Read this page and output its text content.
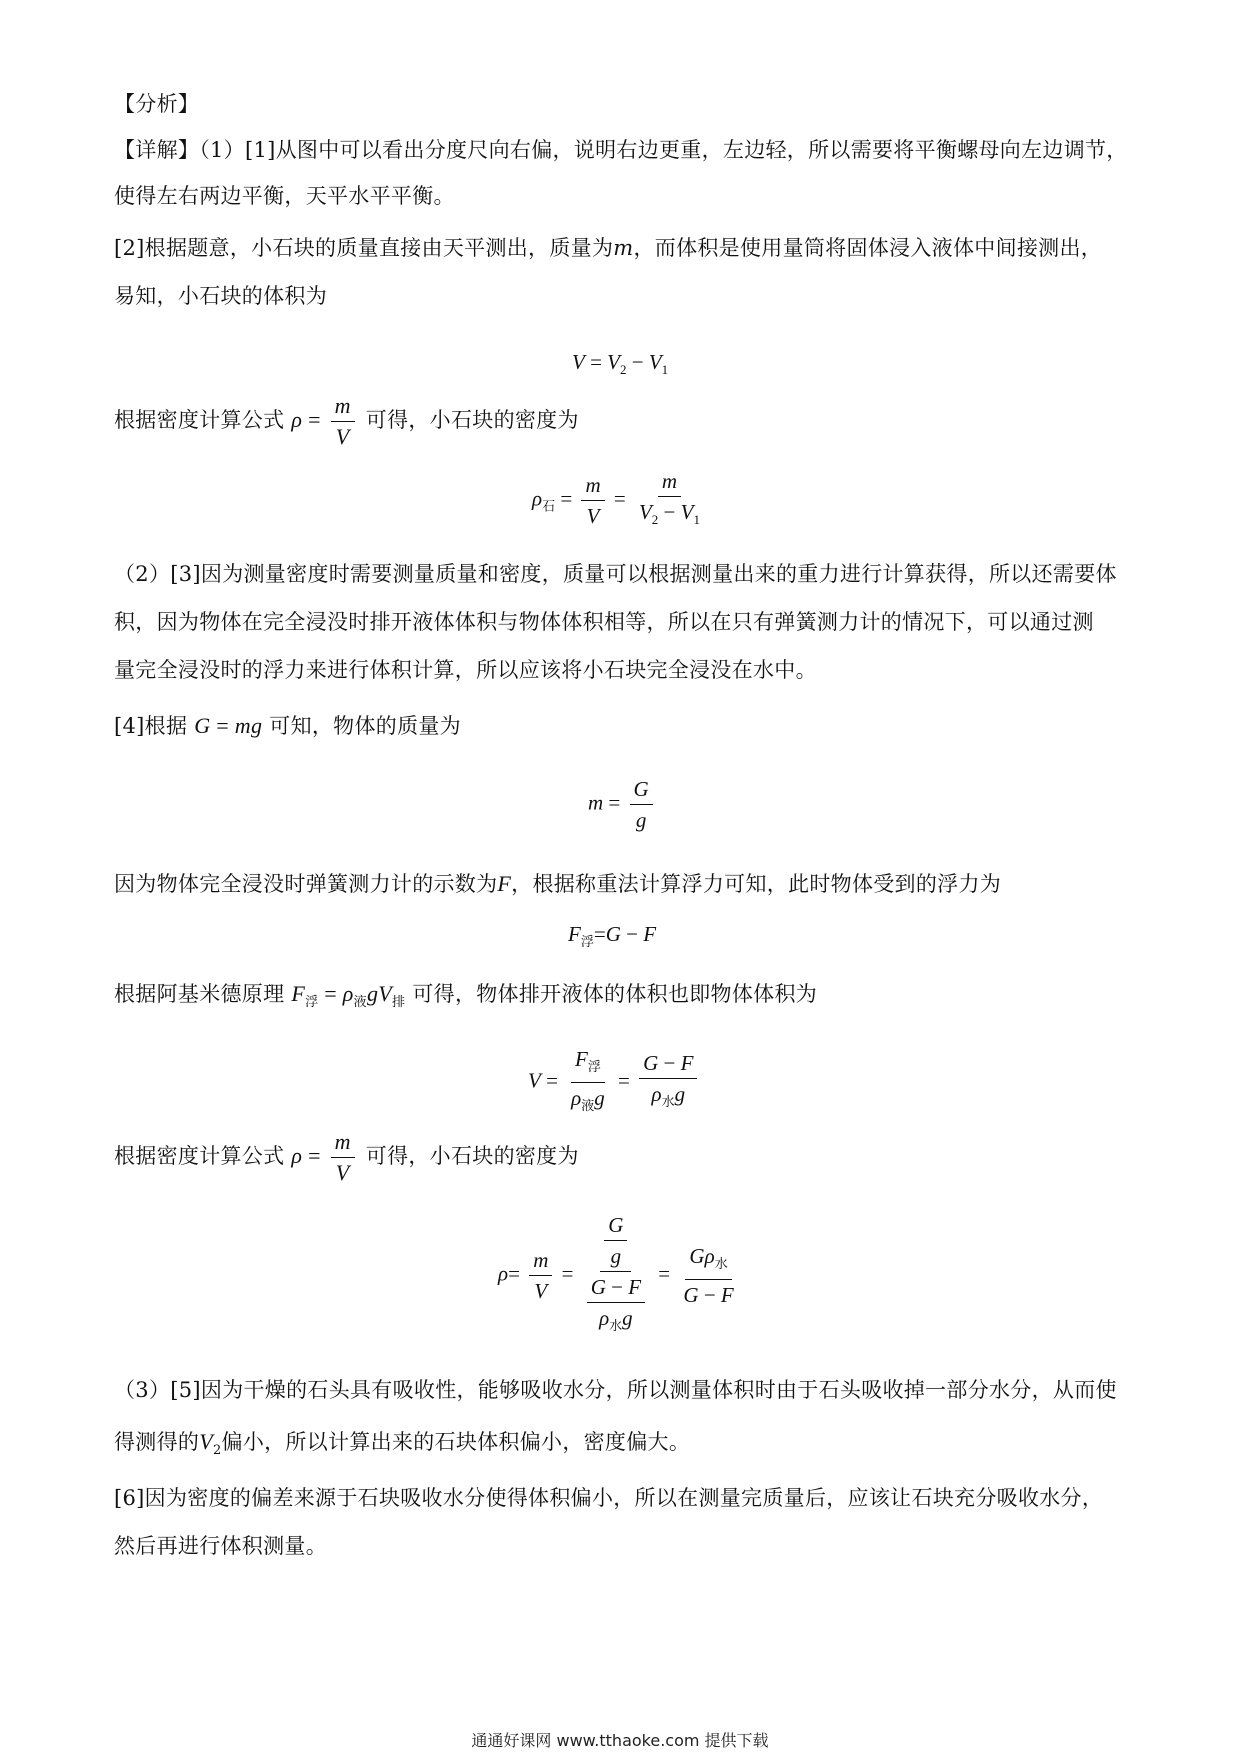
【分析】
【详解】（1）[1]从图中可以看出分度尺向右偏，说明右边更重，左边轻，所以需要将平衡螺母向左边调节，
使得左右两边平衡，天平水平平衡。
[2]根据题意，小石块的质量直接由天平测出，质量为m，而体积是使用量筒将固体浸入液体中间接测出，
易知，小石块的体积为
$V = V_2 - V_1$
根据密度计算公式 $\rho = \frac{m}{V}$ 可得，小石块的密度为
$\rho_石 = \frac{m}{V} = \frac{m}{V_2 - V_1}$
（2）[3]因为测量密度时需要测量质量和密度，质量可以根据测量出来的重力进行计算获得，所以还需要体
积，因为物体在完全浸没时排开液体体积与物体体积相等，所以在只有弹簧测力计的情况下，可以通过测
量完全浸没时的浮力来进行体积计算，所以应该将小石块完全浸没在水中。
[4]根据 G = mg 可知，物体的质量为
$m = \frac{G}{g}$
因为物体完全浸没时弹簧测力计的示数为F，根据称重法计算浮力可知，此时物体受到的浮力为
$F_浮=G - F$
根据阿基米德原理 $F_浮 = \rho_液gV_排$ 可得，物体排开液体的体积也即物体体积为
$V = \frac{F_浮}{\rho_液g} = \frac{G - F}{\rho_水g}$
根据密度计算公式 $\rho = \frac{m}{V}$ 可得，小石块的密度为
$\rho= \frac{m}{V} = \frac{\frac{G}{g}}{\frac{G - F}{\rho_水g}} = \frac{G\rho_水}{G - F}$
（3）[5]因为干燥的石头具有吸收性，能够吸收水分，所以测量体积时由于石头吸收掉一部分水分，从而使
得测得的$V_2$偏小，所以计算出来的石块体积偏小，密度偏大。
[6]因为密度的偏差来源于石块吸收水分使得体积偏小，所以在测量完质量后，应该让石块充分吸收水分，
然后再进行体积测量。
通通好课网 www.tthaoke.com 提供下载
